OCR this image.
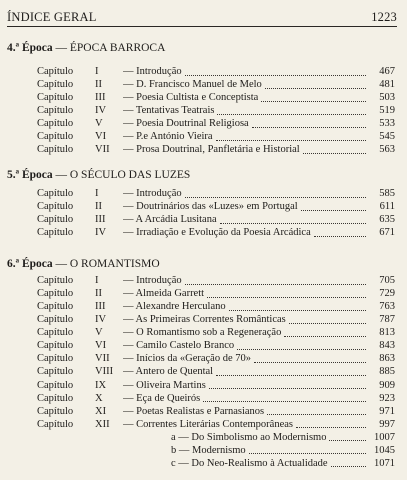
ÍNDICE GERAL	1223
4.ª Época — ÉPOCA BARROCA
Capítulo	I	— Introdução	467
Capítulo	II	— D. Francisco Manuel de Melo	481
Capítulo	III	— Poesia Cultista e Conceptista	503
Capítulo	IV	— Tentativas Teatrais	519
Capítulo	V	— Poesia Doutrinal Religiosa	533
Capítulo	VI	— P.e António Vieira	545
Capítulo	VII	— Prosa Doutrinal, Panfletária e Historial	563
5.ª Época — O SÉCULO DAS LUZES
Capítulo	I	— Introdução	585
Capítulo	II	— Doutrinários das «Luzes» em Portugal	611
Capítulo	III	— A Arcádia Lusitana	635
Capítulo	IV	— Irradiação e Evolução da Poesia Arcádica	671
6.ª Época — O ROMANTISMO
Capítulo	I	— Introdução	705
Capítulo	II	— Almeida Garrett	729
Capítulo	III	— Alexandre Herculano	763
Capítulo	IV	— As Primeiras Correntes Românticas	787
Capítulo	V	— O Romantismo sob a Regeneração	813
Capítulo	VI	— Camilo Castelo Branco	843
Capítulo	VII	— Inícios da «Geração de 70»	863
Capítulo	VIII — Antero de Quental	885
Capítulo	IX	— Oliveira Martins	909
Capítulo	X	— Eça de Queirós	923
Capítulo	XI	— Poetas Realistas e Parnasianos	971
Capítulo	XII	— Correntes Literárias Contemporâneas	997
a — Do Simbolismo ao Modernismo	1007
b — Modernismo	1045
c — Do Neo-Realismo à Actualidade	1071
